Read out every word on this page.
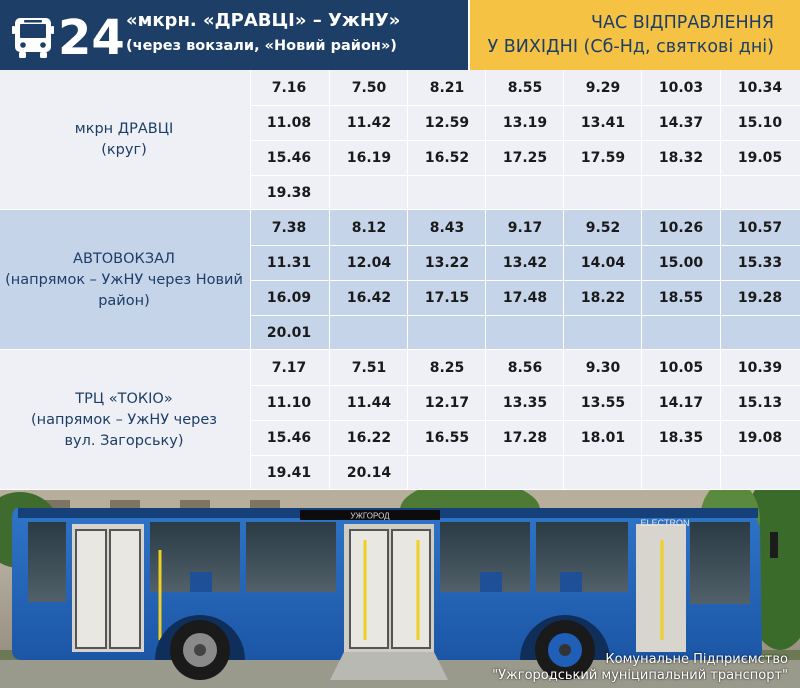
24 «мкрн. «ДРАВЦІ» – УжНУ»
(через вокзали, «Новий район»)
ЧАС ВІДПРАВЛЕННЯ
У ВИХІДНІ (Сб-Нд, святкові дні)
мкрн ДРАВЦІ
(круг)
7.16	7.50	8.21	8.55	9.29	10.03	10.34
11.08	11.42	12.59	13.19	13.41	14.37	15.10
15.46	16.19	16.52	17.25	17.59	18.32	19.05
19.38
АВТОВОКЗАЛ
(напрямок – УжНУ через Новий
район)
7.38	8.12	8.43	9.17	9.52	10.26	10.57
11.31	12.04	13.22	13.42	14.04	15.00	15.33
16.09	16.42	17.15	17.48	18.22	18.55	19.28
20.01
ТРЦ «ТОКІО»
(напрямок – УжНУ через
вул. Загорську)
7.17	7.51	8.25	8.56	9.30	10.05	10.39
11.10	11.44	12.17	13.35	13.55	14.17	15.13
15.46	16.22	16.55	17.28	18.01	18.35	19.08
19.41	20.14
УЖГОРОД
ELECTRON
Комунальне Підприємство
"Ужгородський муніципальний транспорт"
